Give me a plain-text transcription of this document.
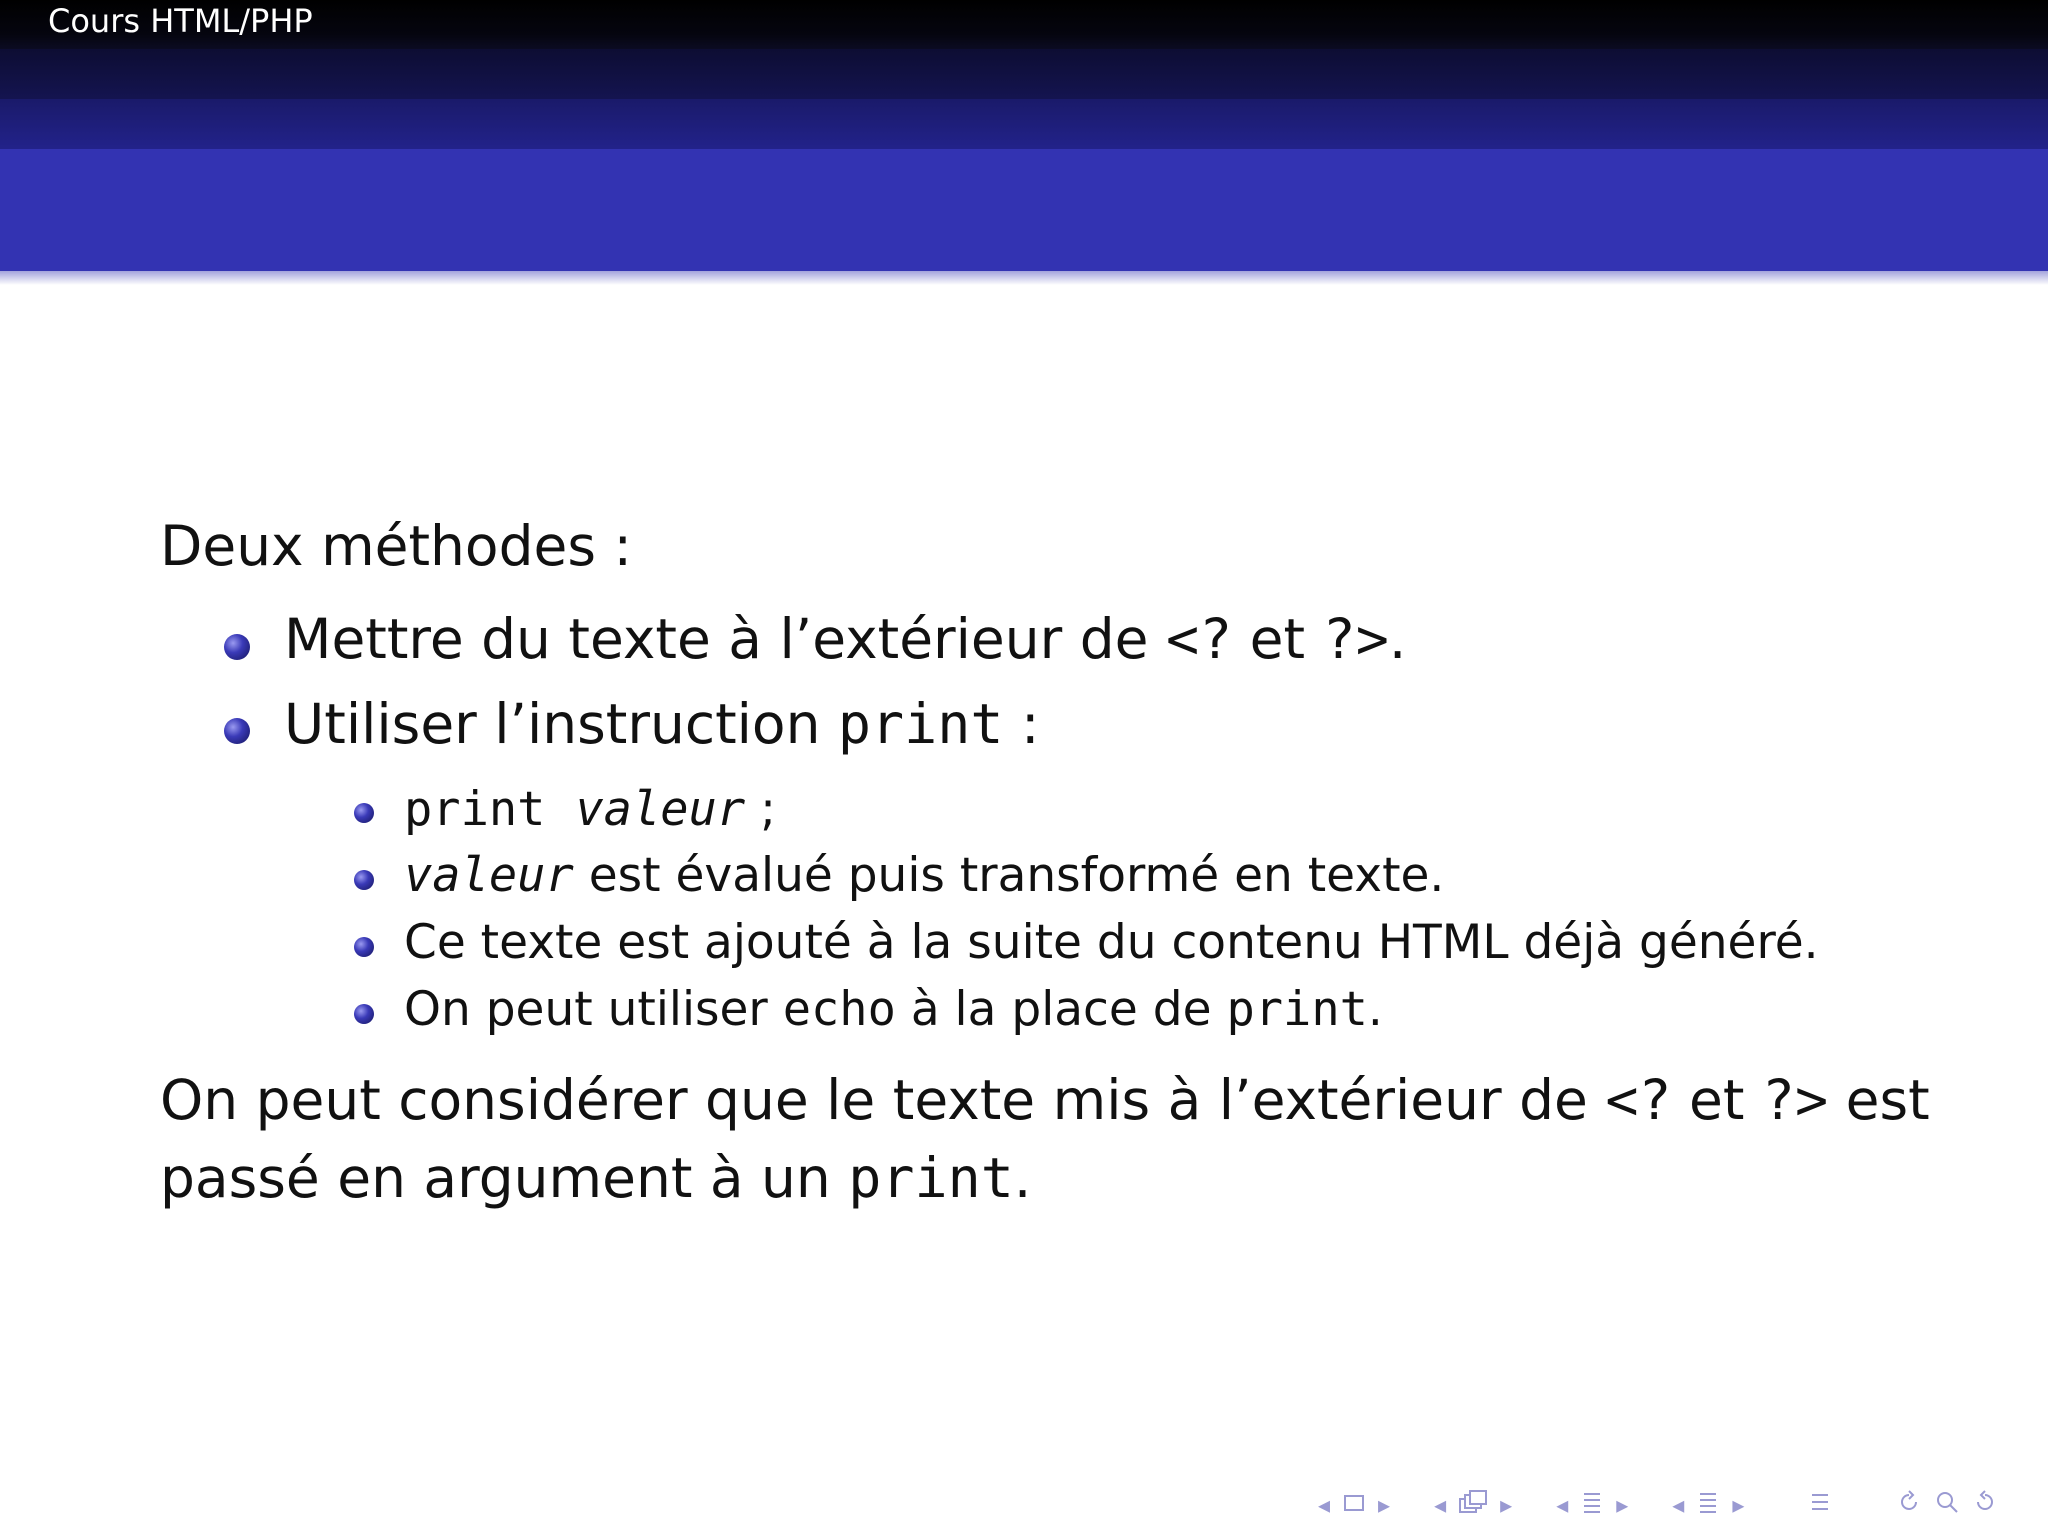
Cours HTML/PHP
PHP : génération du contenu
Deux méthodes :
Mettre du texte à l’extérieur de <? et ?>.
Utiliser l’instruction print :
print valeur ;
valeur est évalué puis transformé en texte.
Ce texte est ajouté à la suite du contenu HTML déjà généré.
On peut utiliser echo à la place de print.
On peut considérer que le texte mis à l’extérieur de <? et ?> est
passé en argument à un print.
◂ ▸ ◂ ▸ ◂ ▸ ◂ ▸
